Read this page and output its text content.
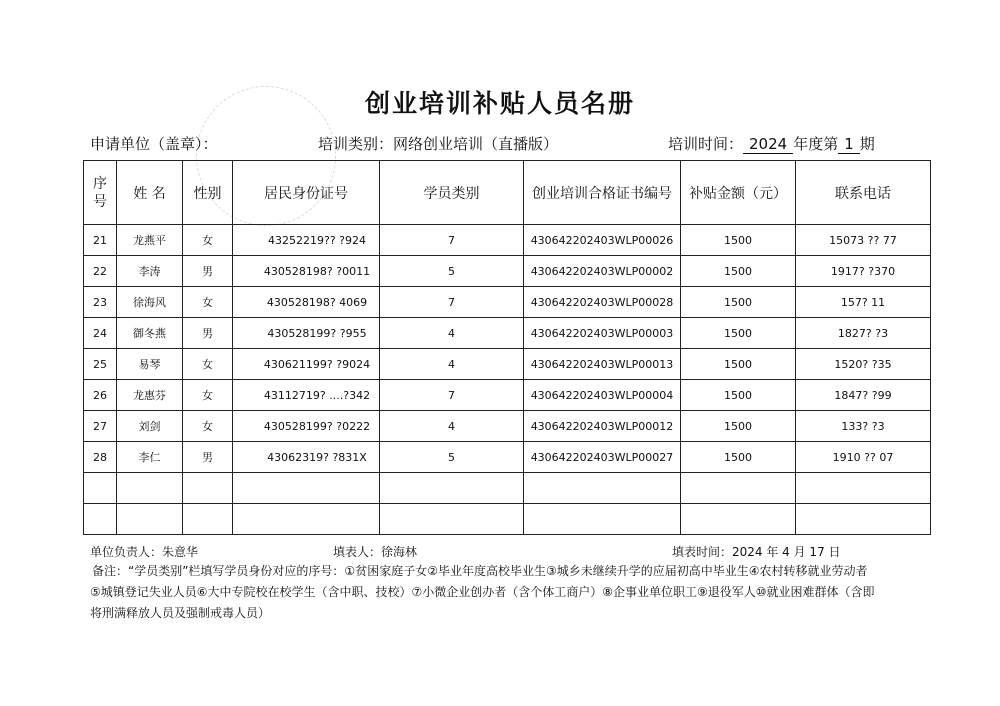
创业培训补贴人员名册
申请单位（盖章）：	培训类别：网络创业培训（直播版）	培训时间： 2024 年度第 1 期
序
号	姓 名	性别	居民身份证号	学员类别	创业培训合格证书编号	补贴金额（元）	联系电话
21	龙燕平	女	43252219?? ?924	7	430642202403WLP00026	1500	15073 ?? 77
22	李涛	男	430528198? ?0011	5	430642202403WLP00002	1500	1917? ?370
23	徐海风	女	430528198? 4069	7	430642202403WLP00028	1500	157? 11
24	御冬燕	男	430528199? ?955	4	430642202403WLP00003	1500	1827? ?3
25	易琴	女	430621199? ?9024	4	430642202403WLP00013	1500	1520? ?35
26	龙惠芬	女	43112719? ....?342	7	430642202403WLP00004	1500	1847? ?99
27	刘剑	女	430528199? ?0222	4	430642202403WLP00012	1500	133? ?3
28	李仁	男	43062319? ?831X	5	430642202403WLP00027	1500	1910 ?? 07

单位负责人：朱意华	填表人：徐海林	填表时间：2024 年 4 月 17 日
备注：“学员类别”栏填写学员身份对应的序号：①贫困家庭子女②毕业年度高校毕业生③城乡未继续升学的应届初高中毕业生④农村转移就业劳动者
⑤城镇登记失业人员⑥大中专院校在校学生（含中职、技校）⑦小微企业创办者（含个体工商户）⑧企事业单位职工⑨退役军人⑩就业困难群体（含即
将刑满释放人员及强制戒毒人员）
